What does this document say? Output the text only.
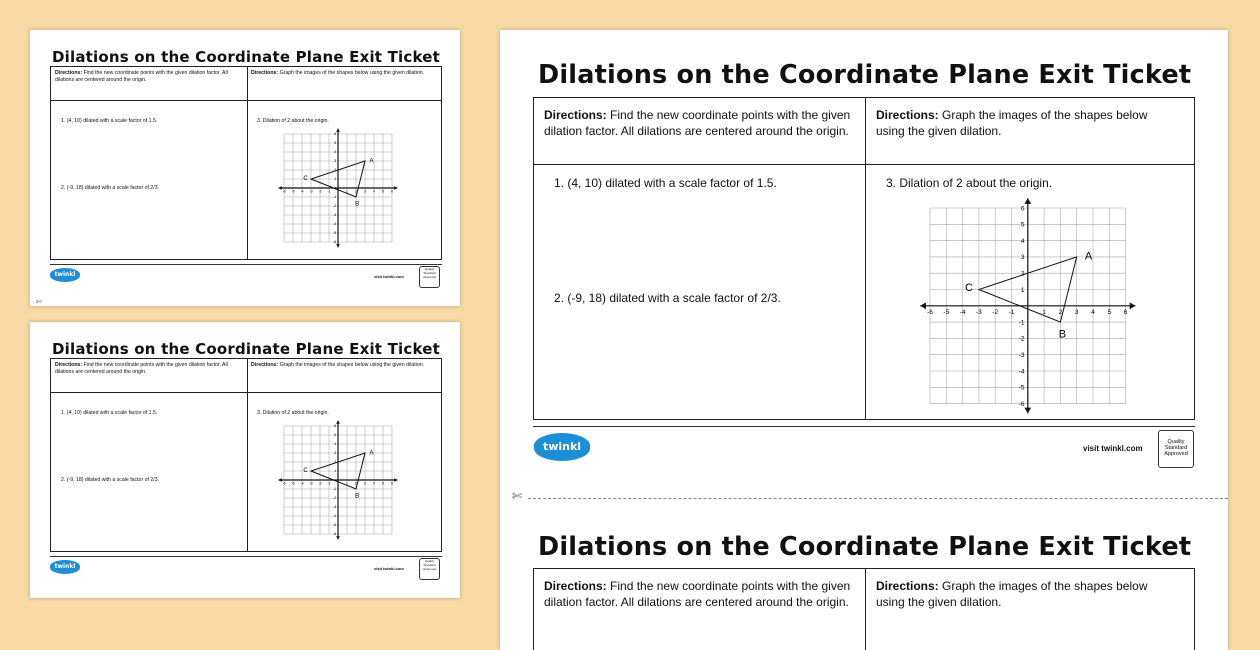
Dilations on the Coordinate Plane Exit Ticket
Directions: Find the new coordinate points with the given dilation factor. All dilations are centered around the origin.
Directions: Graph the images of the shapes below using the given dilation.
1. (4, 10) dilated with a scale factor of 1.5.
2. (-9, 18) dilated with a scale factor of 2/3.
3. Dilation of 2 about the origin.
-6 -5 -4 -3 -2 -1	1 2 3 4 5 6
6
5
4
3
2
1
-1
-2
-3
-4
-5
-6
A
B
C
twinkl	visit twinkl.com
Quality Standard Approved
✄
Dilations on the Coordinate Plane Exit Ticket
Directions: Find the new coordinate points with the given dilation factor. All dilations are centered around the origin.
Directions: Graph the images of the shapes below using the given dilation.
1. (4, 10) dilated with a scale factor of 1.5.
2. (-9, 18) dilated with a scale factor of 2/3.
3. Dilation of 2 about the origin.
-6 -5 -4 -3 -2 -1	1 2 3 4 5 6
6
5
4
3
2
1
-1
-2
-3
-4
-5
-6
A
B
C
twinkl	visit twinkl.com
Quality Standard Approved
Dilations on the Coordinate Plane Exit Ticket
Directions: Find the new coordinate points with the given dilation factor. All dilations are centered around the origin.
Directions: Graph the images of the shapes below using the given dilation.
1. (4, 10) dilated with a scale factor of 1.5.
2. (-9, 18) dilated with a scale factor of 2/3.
3. Dilation of 2 about the origin.
-6 -5 -4 -3 -2 -1	1 2 3 4 5 6
6
5
4
3
2
1
-1
-2
-3
-4
-5
-6
A
B
C
twinkl	visit twinkl.com
Quality Standard Approved
✄
Dilations on the Coordinate Plane Exit Ticket
Directions: Find the new coordinate points with the given dilation factor. All dilations are centered around the origin.
Directions: Graph the images of the shapes below using the given dilation.
